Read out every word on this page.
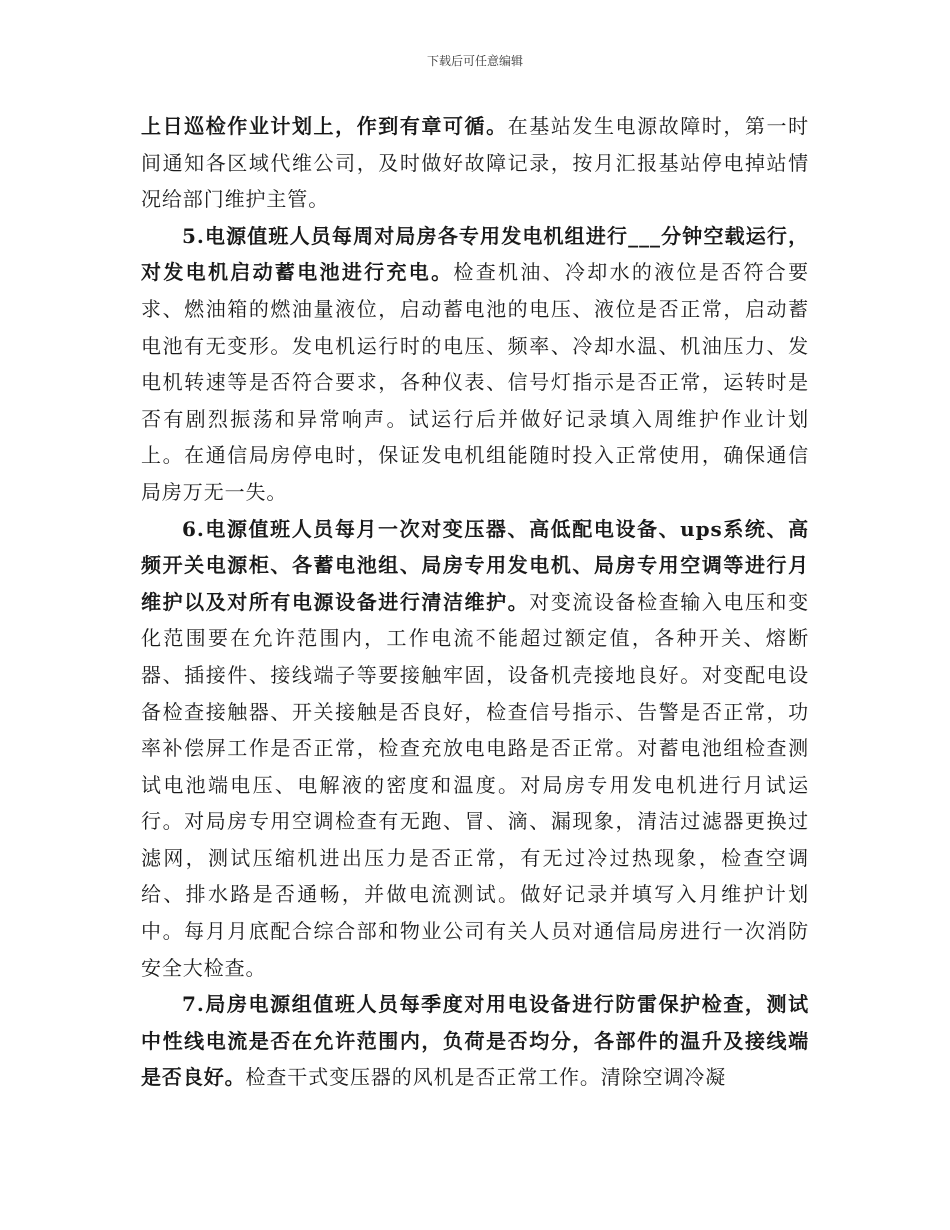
下载后可任意编辑

上日巡检作业计划上，作到有章可循。在基站发生电源故障时，第一时间通知各区域代维公司，及时做好故障记录，按月汇报基站停电掉站情况给部门维护主管。

5.电源值班人员每周对局房各专用发电机组进行___分钟空载运行，对发电机启动蓄电池进行充电。检查机油、冷却水的液位是否符合要求、燃油箱的燃油量液位，启动蓄电池的电压、液位是否正常，启动蓄电池有无变形。发电机运行时的电压、频率、冷却水温、机油压力、发电机转速等是否符合要求，各种仪表、信号灯指示是否正常，运转时是否有剧烈振荡和异常响声。试运行后并做好记录填入周维护作业计划上。在通信局房停电时，保证发电机组能随时投入正常使用，确保通信局房万无一失。

6.电源值班人员每月一次对变压器、高低配电设备、ups系统、高频开关电源柜、各蓄电池组、局房专用发电机、局房专用空调等进行月维护以及对所有电源设备进行清洁维护。对变流设备检查输入电压和变化范围要在允许范围内，工作电流不能超过额定值，各种开关、熔断器、插接件、接线端子等要接触牢固，设备机壳接地良好。对变配电设备检查接触器、开关接触是否良好，检查信号指示、告警是否正常，功率补偿屏工作是否正常，检查充放电电路是否正常。对蓄电池组检查测试电池端电压、电解液的密度和温度。对局房专用发电机进行月试运行。对局房专用空调检查有无跑、冒、滴、漏现象，清洁过滤器更换过滤网，测试压缩机进出压力是否正常，有无过冷过热现象，检查空调给、排水路是否通畅，并做电流测试。做好记录并填写入月维护计划中。每月月底配合综合部和物业公司有关人员对通信局房进行一次消防安全大检查。

7.局房电源组值班人员每季度对用电设备进行防雷保护检查，测试中性线电流是否在允许范围内，负荷是否均分，各部件的温升及接线端是否良好。检查干式变压器的风机是否正常工作。清除空调冷凝
